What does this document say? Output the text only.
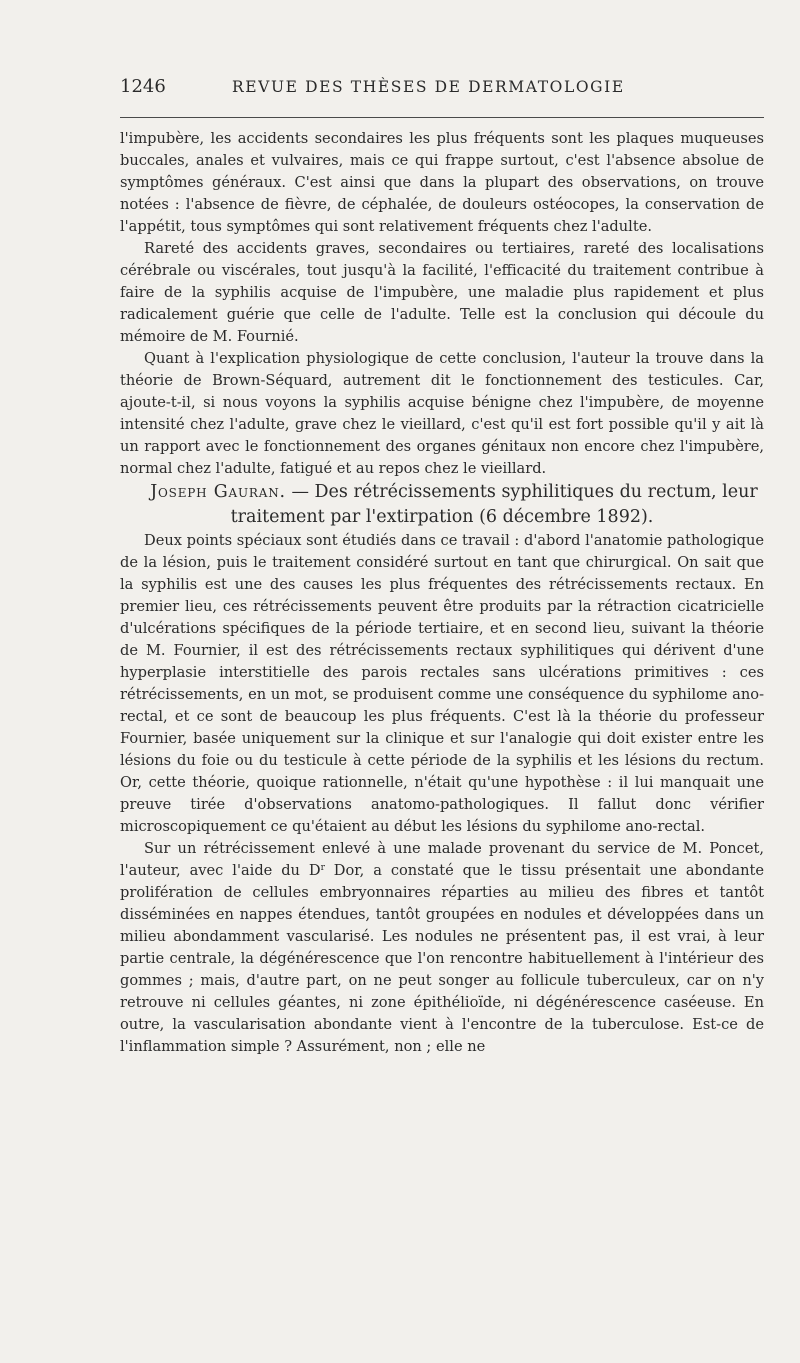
1246	REVUE DES THÈSES DE DERMATOLOGIE

l'impubère, les accidents secondaires les plus fréquents sont les plaques muqueuses buccales, anales et vulvaires, mais ce qui frappe surtout, c'est l'absence absolue de symptômes généraux. C'est ainsi que dans la plupart des observations, on trouve notées : l'absence de fièvre, de céphalée, de douleurs ostéocopes, la conservation de l'appétit, tous symptômes qui sont relativement fréquents chez l'adulte.

Rareté des accidents graves, secondaires ou tertiaires, rareté des localisations cérébrale ou viscérales, tout jusqu'à la facilité, l'efficacité du traitement contribue à faire de la syphilis acquise de l'impubère, une maladie plus rapidement et plus radicalement guérie que celle de l'adulte. Telle est la conclusion qui découle du mémoire de M. Fournié.

Quant à l'explication physiologique de cette conclusion, l'auteur la trouve dans la théorie de Brown-Séquard, autrement dit le fonctionnement des testicules. Car, ajoute-t-il, si nous voyons la syphilis acquise bénigne chez l'impubère, de moyenne intensité chez l'adulte, grave chez le vieillard, c'est qu'il est fort possible qu'il y ait là un rapport avec le fonctionnement des organes génitaux non encore chez l'impubère, normal chez l'adulte, fatigué et au repos chez le vieillard.

Joseph Gauran. — Des rétrécissements syphilitiques du rectum, leur traitement par l'extirpation (6 décembre 1892).

Deux points spéciaux sont étudiés dans ce travail : d'abord l'anatomie pathologique de la lésion, puis le traitement considéré surtout en tant que chirurgical. On sait que la syphilis est une des causes les plus fréquentes des rétrécissements rectaux. En premier lieu, ces rétrécissements peuvent être produits par la rétraction cicatricielle d'ulcérations spécifiques de la période tertiaire, et en second lieu, suivant la théorie de M. Fournier, il est des rétrécissements rectaux syphilitiques qui dérivent d'une hyperplasie interstitielle des parois rectales sans ulcérations primitives : ces rétrécissements, en un mot, se produisent comme une conséquence du syphilome ano-rectal, et ce sont de beaucoup les plus fréquents. C'est là la théorie du professeur Fournier, basée uniquement sur la clinique et sur l'analogie qui doit exister entre les lésions du foie ou du testicule à cette période de la syphilis et les lésions du rectum. Or, cette théorie, quoique rationnelle, n'était qu'une hypothèse : il lui manquait une preuve tirée d'observations anatomo-pathologiques. Il fallut donc vérifier microscopiquement ce qu'étaient au début les lésions du syphilome ano-rectal.

Sur un rétrécissement enlevé à une malade provenant du service de M. Poncet, l'auteur, avec l'aide du $D^r$ Dor, a constaté que le tissu présentait une abondante prolifération de cellules embryonnaires réparties au milieu des fibres et tantôt disséminées en nappes étendues, tantôt groupées en nodules et développées dans un milieu abondamment vascularisé. Les nodules ne présentent pas, il est vrai, à leur partie centrale, la dégénérescence que l'on rencontre habituellement à l'intérieur des gommes ; mais, d'autre part, on ne peut songer au follicule tuberculeux, car on n'y retrouve ni cellules géantes, ni zone épithélioïde, ni dégénérescence caséeuse. En outre, la vascularisation abondante vient à l'encontre de la tuberculose. Est-ce de l'inflammation simple ? Assurément, non ; elle ne
